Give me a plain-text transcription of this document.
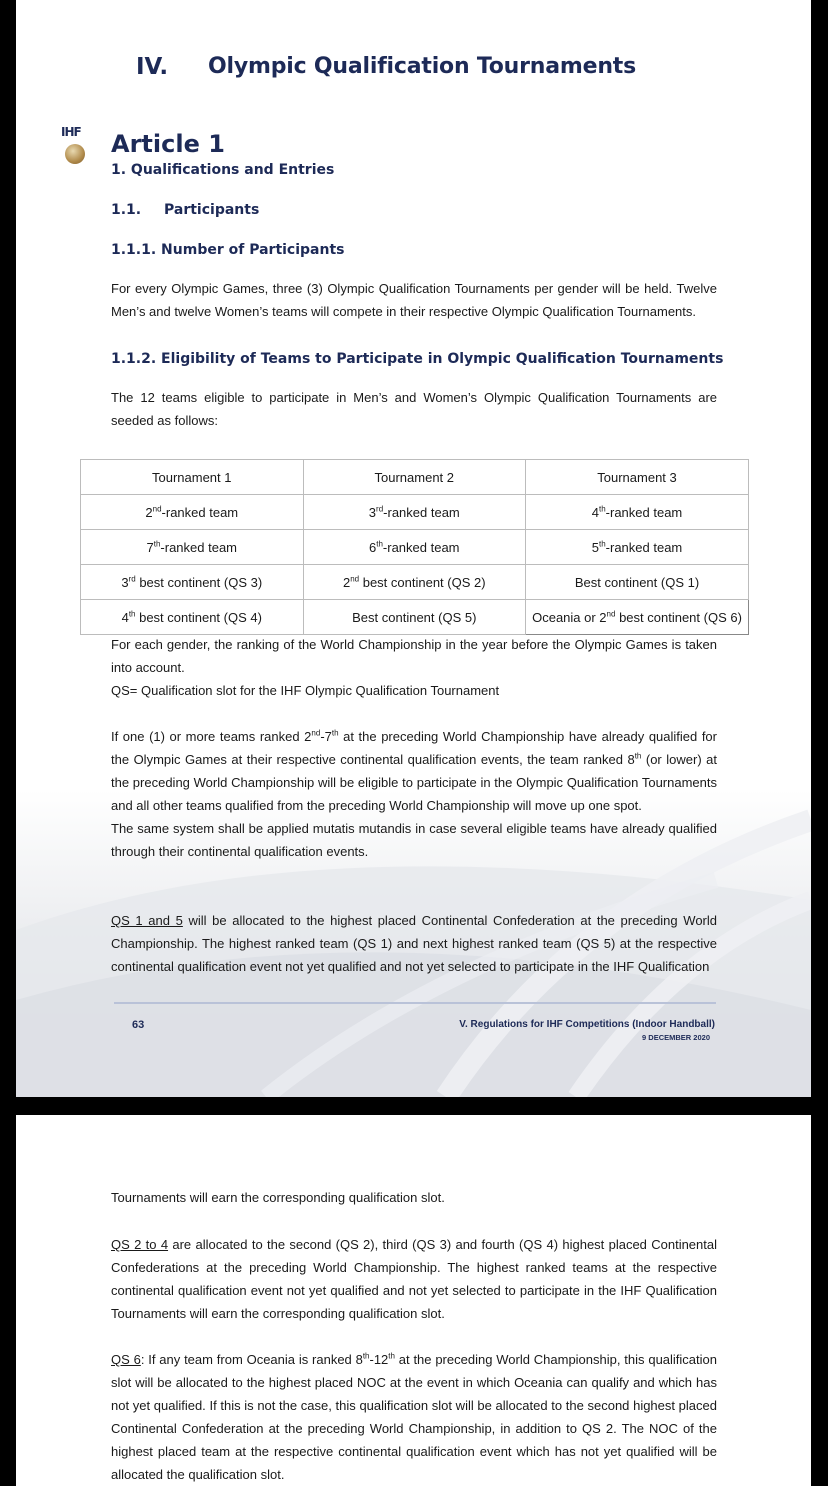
IV. Olympic Qualification Tournaments
IHF	Article 1
1. Qualifications and Entries
1.1. Participants
1.1.1. Number of Participants
For every Olympic Games, three (3) Olympic Qualification Tournaments per gender will be held. Twelve Men’s and twelve Women’s teams will compete in their respective Olympic Qualification Tournaments.
1.1.2. Eligibility of Teams to Participate in Olympic Qualification Tournaments
The 12 teams eligible to participate in Men’s and Women’s Olympic Qualification Tournaments are seeded as follows:
Tournament 1	Tournament 2	Tournament 3
2nd-ranked team	3rd-ranked team	4th-ranked team
7th-ranked team	6th-ranked team	5th-ranked team
3rd best continent (QS 3)	2nd best continent (QS 2)	Best continent (QS 1)
4th best continent (QS 4)	Best continent (QS 5)	Oceania or 2nd best continent (QS 6)

For each gender, the ranking of the World Championship in the year before the Olympic Games is taken into account.

QS= Qualification slot for the IHF Olympic Qualification Tournament

If one (1) or more teams ranked 2nd-7th at the preceding World Championship have already qualified for the Olympic Games at their respective continental qualification events, the team ranked 8th (or lower) at the preceding World Championship will be eligible to participate in the Olympic Qualification Tournaments and all other teams qualified from the preceding World Championship will move up one spot.

The same system shall be applied mutatis mutandis in case several eligible teams have already qualified through their continental qualification events.

QS 1 and 5 will be allocated to the highest placed Continental Confederation at the preceding World Championship. The highest ranked team (QS 1) and next highest ranked team (QS 5) at the respective continental qualification event not yet qualified and not yet selected to participate in the IHF Qualification

63	V. Regulations for IHF Competitions (Indoor Handball)
9 DECEMBER 2020
Tournaments will earn the corresponding qualification slot.

QS 2 to 4 are allocated to the second (QS 2), third (QS 3) and fourth (QS 4) highest placed Continental Confederations at the preceding World Championship. The highest ranked teams at the respective continental qualification event not yet qualified and not yet selected to participate in the IHF Qualification Tournaments will earn the corresponding qualification slot.

QS 6: If any team from Oceania is ranked 8th-12th at the preceding World Championship, this qualification slot will be allocated to the highest placed NOC at the event in which Oceania can qualify and which has not yet qualified. If this is not the case, this qualification slot will be allocated to the second highest placed Continental Confederation at the preceding World Championship, in addition to QS 2. The NOC of the highest placed team at the respective continental qualification event which has not yet qualified will be allocated the qualification slot.
